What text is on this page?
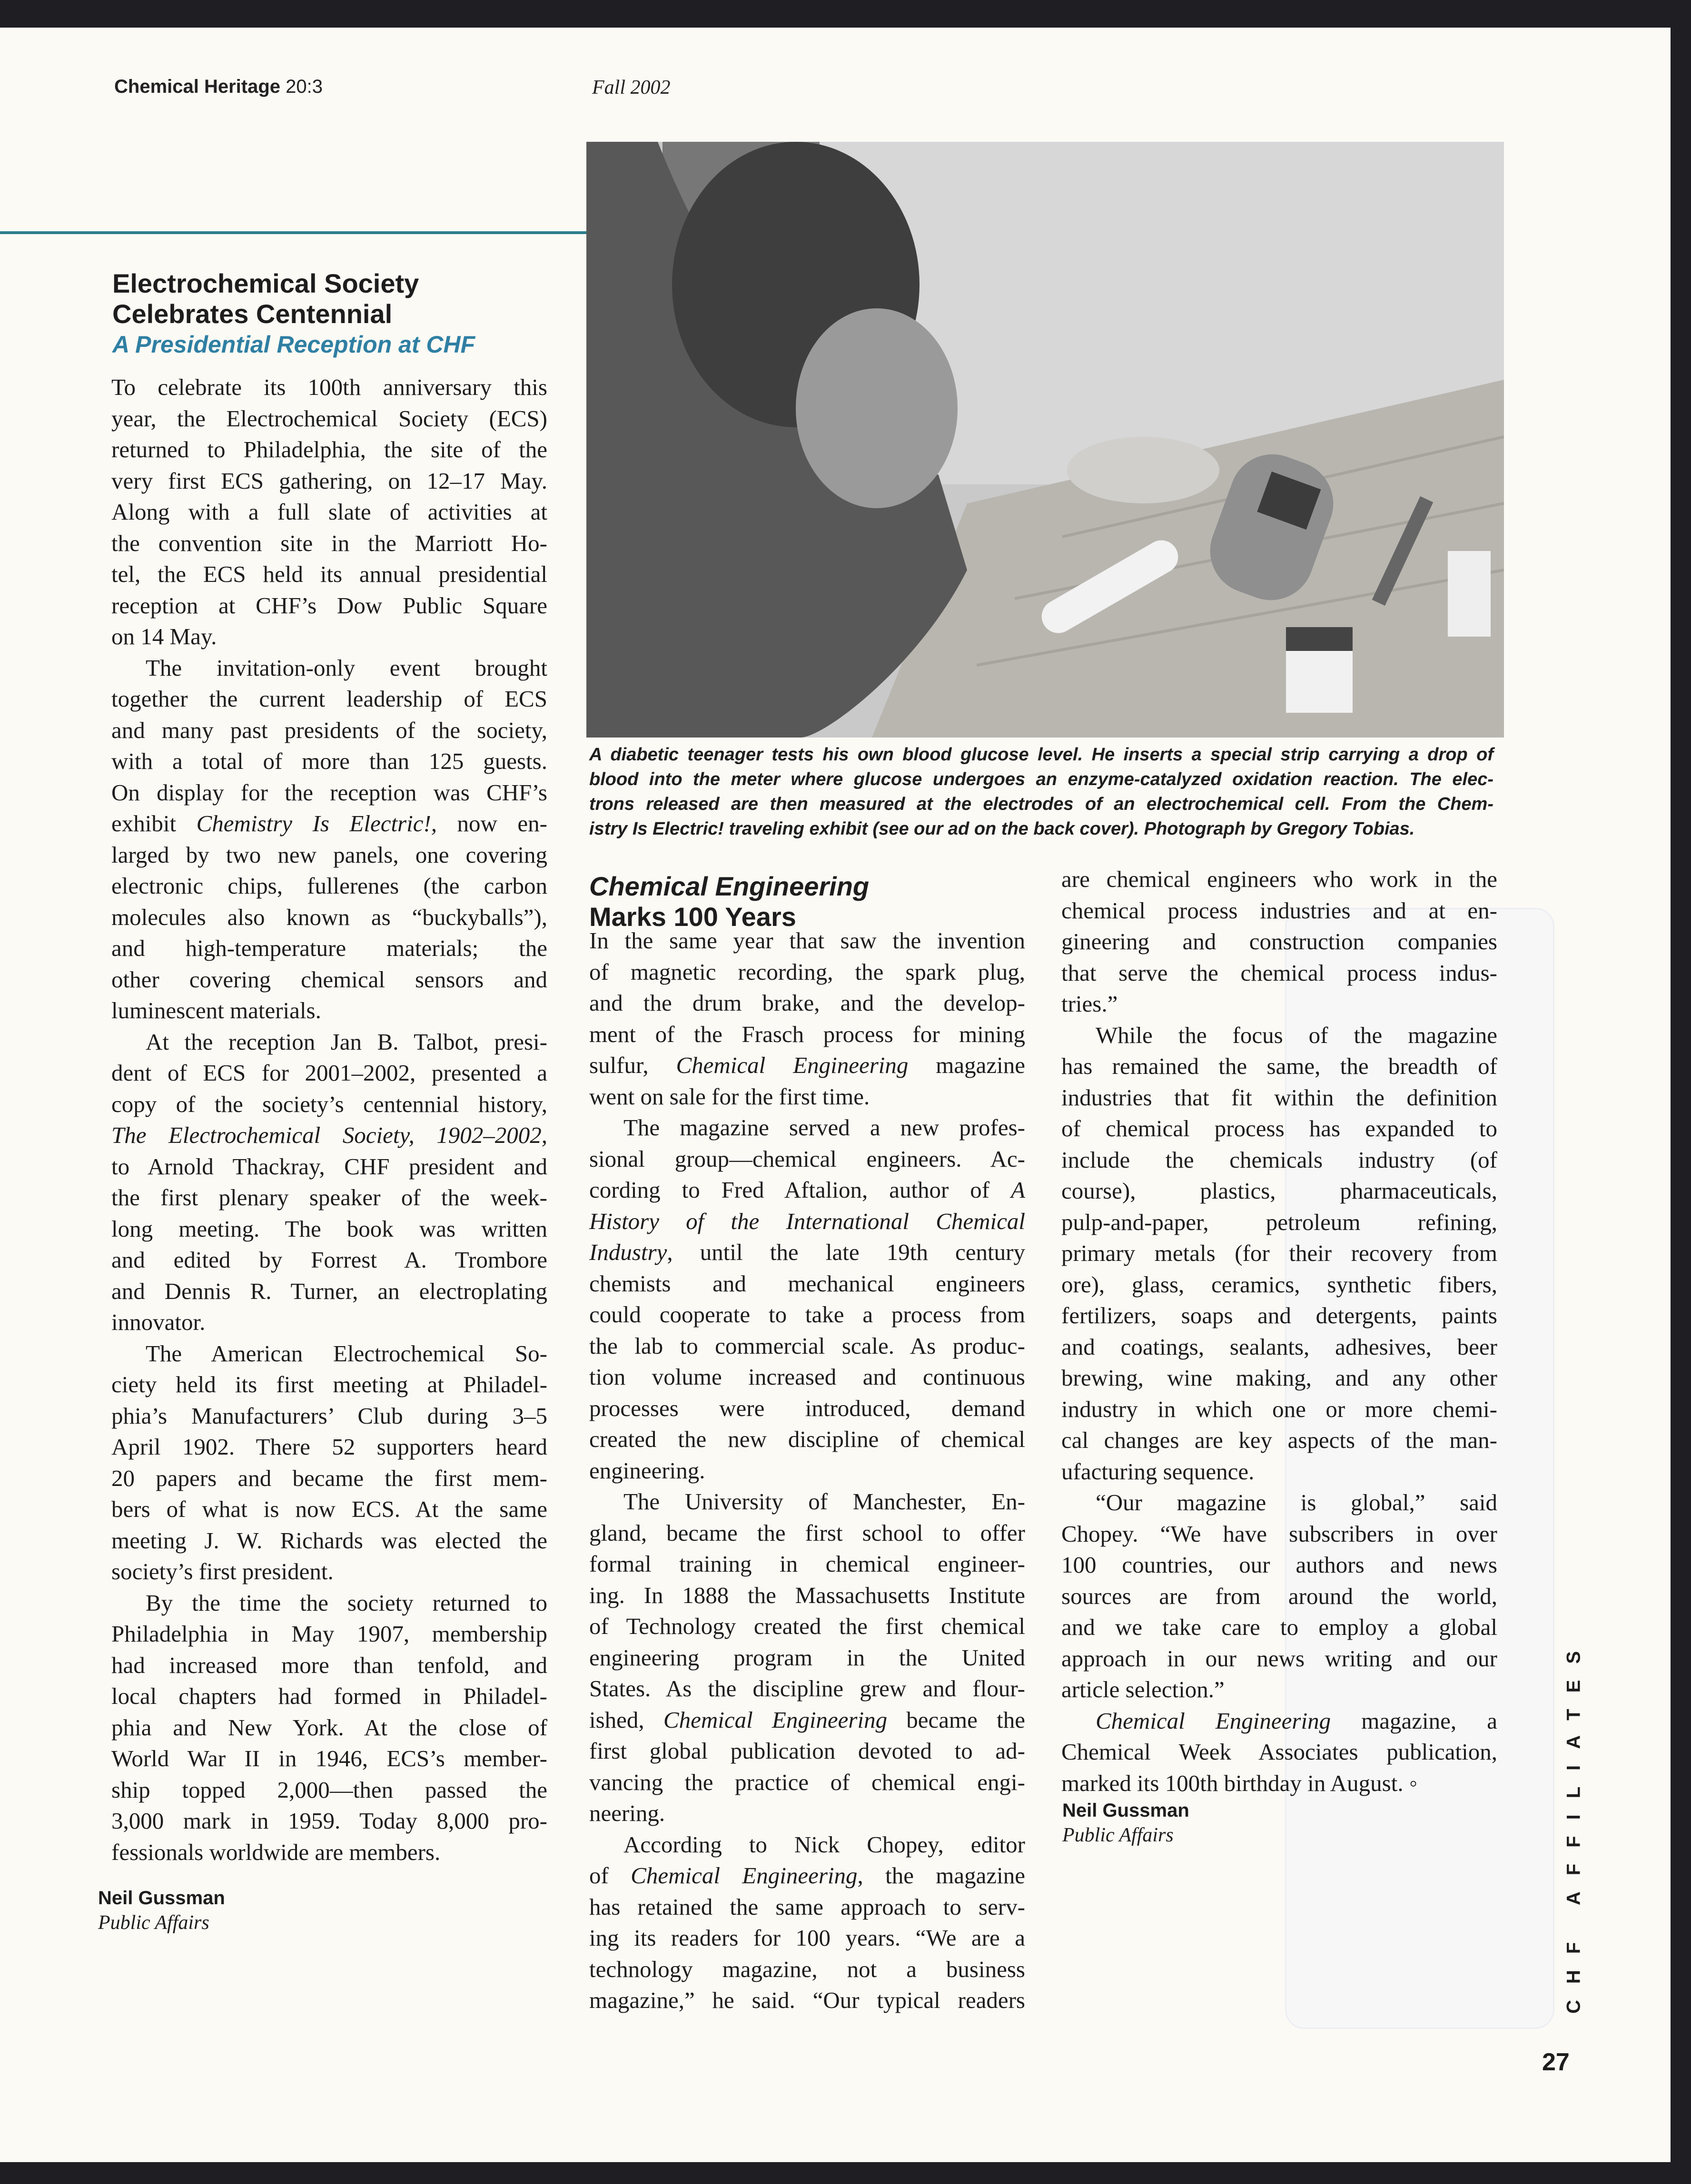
Chemical Heritage 20:3	Fall 2002
A diabetic teenager tests his own blood glucose level. He inserts a special strip carrying a drop of
blood into the meter where glucose undergoes an enzyme-catalyzed oxidation reaction. The elec-
trons released are then measured at the electrodes of an electrochemical cell. From the Chem-
istry Is Electric! traveling exhibit (see our ad on the back cover). Photograph by Gregory Tobias.
Electrochemical Society
Celebrates Centennial
A Presidential Reception at CHF
To celebrate its 100th anniversary this
year, the Electrochemical Society (ECS)
returned to Philadelphia, the site of the
very first ECS gathering, on 12–17 May.
Along with a full slate of activities at
the convention site in the Marriott Ho-
tel, the ECS held its annual presidential
reception at CHF’s Dow Public Square
on 14 May.
The invitation-only event brought
together the current leadership of ECS
and many past presidents of the society,
with a total of more than 125 guests.
On display for the reception was CHF’s
exhibit Chemistry Is Electric!, now en-
larged by two new panels, one covering
electronic chips, fullerenes (the carbon
molecules also known as “buckyballs”),
and high-temperature materials; the
other covering chemical sensors and
luminescent materials.
At the reception Jan B. Talbot, presi-
dent of ECS for 2001–2002, presented a
copy of the society’s centennial history,
The Electrochemical Society, 1902–2002,
to Arnold Thackray, CHF president and
the first plenary speaker of the week-
long meeting. The book was written
and edited by Forrest A. Trombore
and Dennis R. Turner, an electroplating
innovator.
The American Electrochemical So-
ciety held its first meeting at Philadel-
phia’s Manufacturers’ Club during 3–5
April 1902. There 52 supporters heard
20 papers and became the first mem-
bers of what is now ECS. At the same
meeting J. W. Richards was elected the
society’s first president.
By the time the society returned to
Philadelphia in May 1907, membership
had increased more than tenfold, and
local chapters had formed in Philadel-
phia and New York. At the close of
World War II in 1946, ECS’s member-
ship topped 2,000—then passed the
3,000 mark in 1959. Today 8,000 pro-
fessionals worldwide are members.
Neil Gussman
Public Affairs
Chemical Engineering
Marks 100 Years
In the same year that saw the invention
of magnetic recording, the spark plug,
and the drum brake, and the develop-
ment of the Frasch process for mining
sulfur, Chemical Engineering magazine
went on sale for the first time.
The magazine served a new profes-
sional group—chemical engineers. Ac-
cording to Fred Aftalion, author of A
History of the International Chemical
Industry, until the late 19th century
chemists and mechanical engineers
could cooperate to take a process from
the lab to commercial scale. As produc-
tion volume increased and continuous
processes were introduced, demand
created the new discipline of chemical
engineering.
The University of Manchester, En-
gland, became the first school to offer
formal training in chemical engineer-
ing. In 1888 the Massachusetts Institute
of Technology created the first chemical
engineering program in the United
States. As the discipline grew and flour-
ished, Chemical Engineering became the
first global publication devoted to ad-
vancing the practice of chemical engi-
neering.
According to Nick Chopey, editor
of Chemical Engineering, the magazine
has retained the same approach to serv-
ing its readers for 100 years. “We are a
technology magazine, not a business
magazine,” he said. “Our typical readers
are chemical engineers who work in the
chemical process industries and at en-
gineering and construction companies
that serve the chemical process indus-
tries.”
While the focus of the magazine
has remained the same, the breadth of
industries that fit within the definition
of chemical process has expanded to
include the chemicals industry (of
course), plastics, pharmaceuticals,
pulp-and-paper, petroleum refining,
primary metals (for their recovery from
ore), glass, ceramics, synthetic fibers,
fertilizers, soaps and detergents, paints
and coatings, sealants, adhesives, beer
brewing, wine making, and any other
industry in which one or more chemi-
cal changes are key aspects of the man-
ufacturing sequence.
“Our magazine is global,” said
Chopey. “We have subscribers in over
100 countries, our authors and news
sources are from around the world,
and we take care to employ a global
approach in our news writing and our
article selection.”
Chemical Engineering magazine, a
Chemical Week Associates publication,
marked its 100th birthday in August. ◦
Neil Gussman
Public Affairs	CHF AFFILIATES
27
